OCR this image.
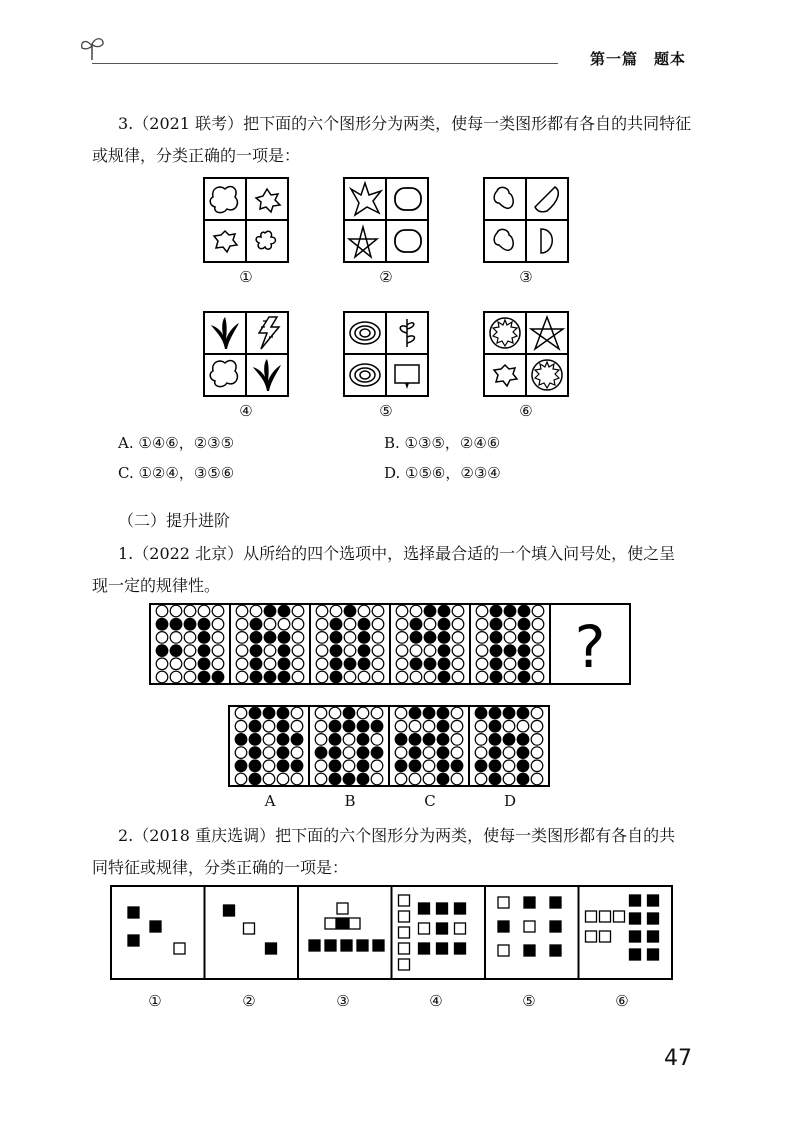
第一篇　题本
3.（2021 联考）把下面的六个图形分为两类，使每一类图形都有各自的共同特征
或规律，分类正确的一项是：
①	②	③
④	⑤	⑥
A. ①④⑥，②③⑤	B. ①③⑤，②④⑥
C. ①②④，③⑤⑥	D. ①⑤⑥，②③④
（二）提升进阶
1.（2022 北京）从所给的四个选项中，选择最合适的一个填入问号处，使之呈
现一定的规律性。
?
A	B	C	D
2.（2018 重庆选调）把下面的六个图形分为两类，使每一类图形都有各自的共
同特征或规律，分类正确的一项是：
①	②	③	④	⑤	⑥
47
